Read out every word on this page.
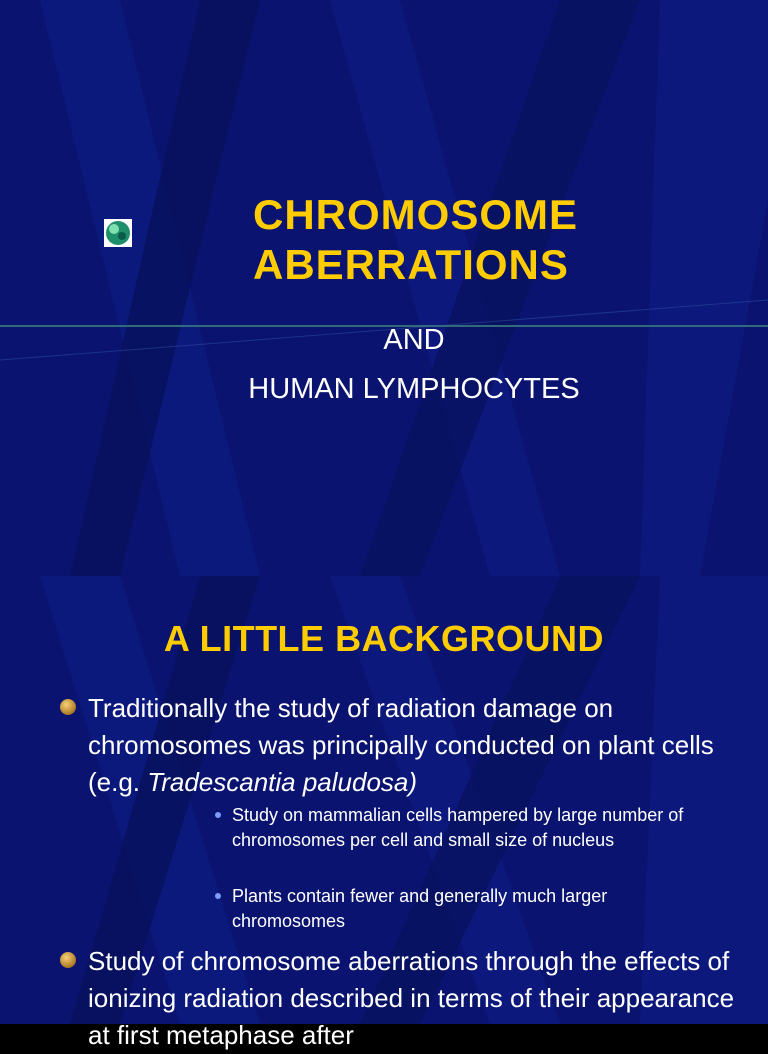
CHROMOSOME
ABERRATIONS
AND
HUMAN LYMPHOCYTES
A LITTLE BACKGROUND

Traditionally the study of radiation damage on chromosomes was principally conducted on plant cells (e.g. Tradescantia paludosa)

Study on mammalian cells hampered by large number of chromosomes per cell and small size of nucleus

Plants contain fewer and generally much larger chromosomes

Study of chromosome aberrations through the effects of ionizing radiation described in terms of their appearance at first metaphase after
